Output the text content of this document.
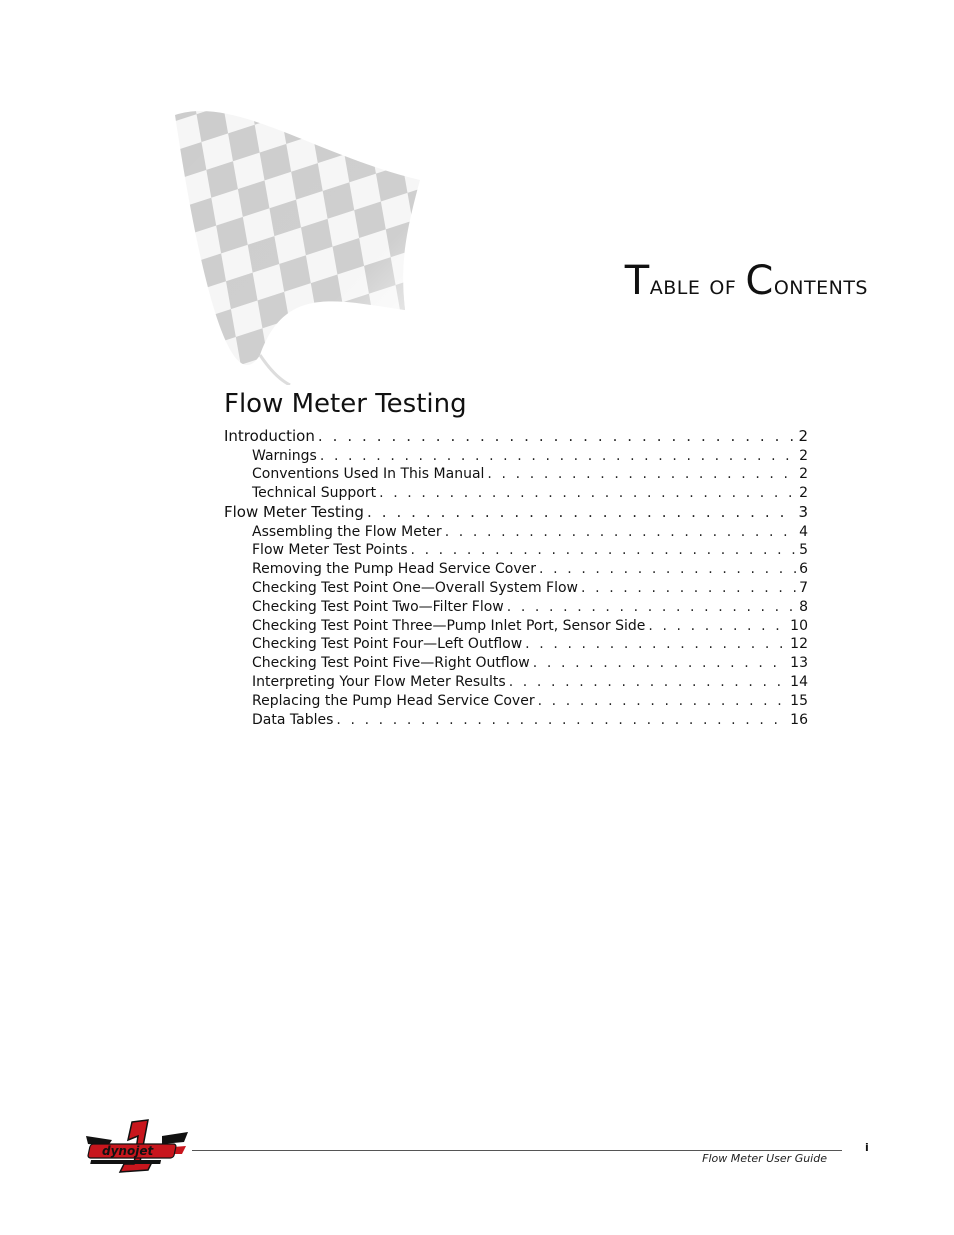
Table of Contents
Flow Meter Testing
Introduction . . .	2
Warnings . . .	2
Conventions Used In This Manual . . .	2
Technical Support . . .	2
Flow Meter Testing . . .	3
Assembling the Flow Meter . . .	4
Flow Meter Test Points . . .	5
Removing the Pump Head Service Cover . . .	6
Checking Test Point One—Overall System Flow . . .	7
Checking Test Point Two—Filter Flow . . .	8
Checking Test Point Three—Pump Inlet Port, Sensor Side . . .	10
Checking Test Point Four—Left Outflow . . .	12
Checking Test Point Five—Right Outflow . . .	13
Interpreting Your Flow Meter Results . . .	14
Replacing the Pump Head Service Cover . . .	15
Data Tables . . .	16
dynojet
Flow Meter User Guide
i
